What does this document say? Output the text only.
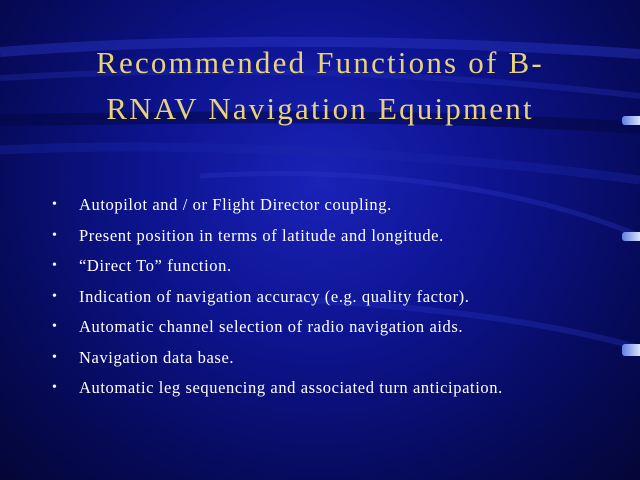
Recommended Functions of B-
RNAV Navigation Equipment
•	Autopilot and / or Flight Director coupling.
•	Present position in terms of latitude and longitude.
•	“Direct To” function.
•	Indication of navigation accuracy (e.g. quality factor).
•	Automatic channel selection of radio navigation aids.
•	Navigation data base.
•	Automatic leg sequencing and associated turn anticipation.
